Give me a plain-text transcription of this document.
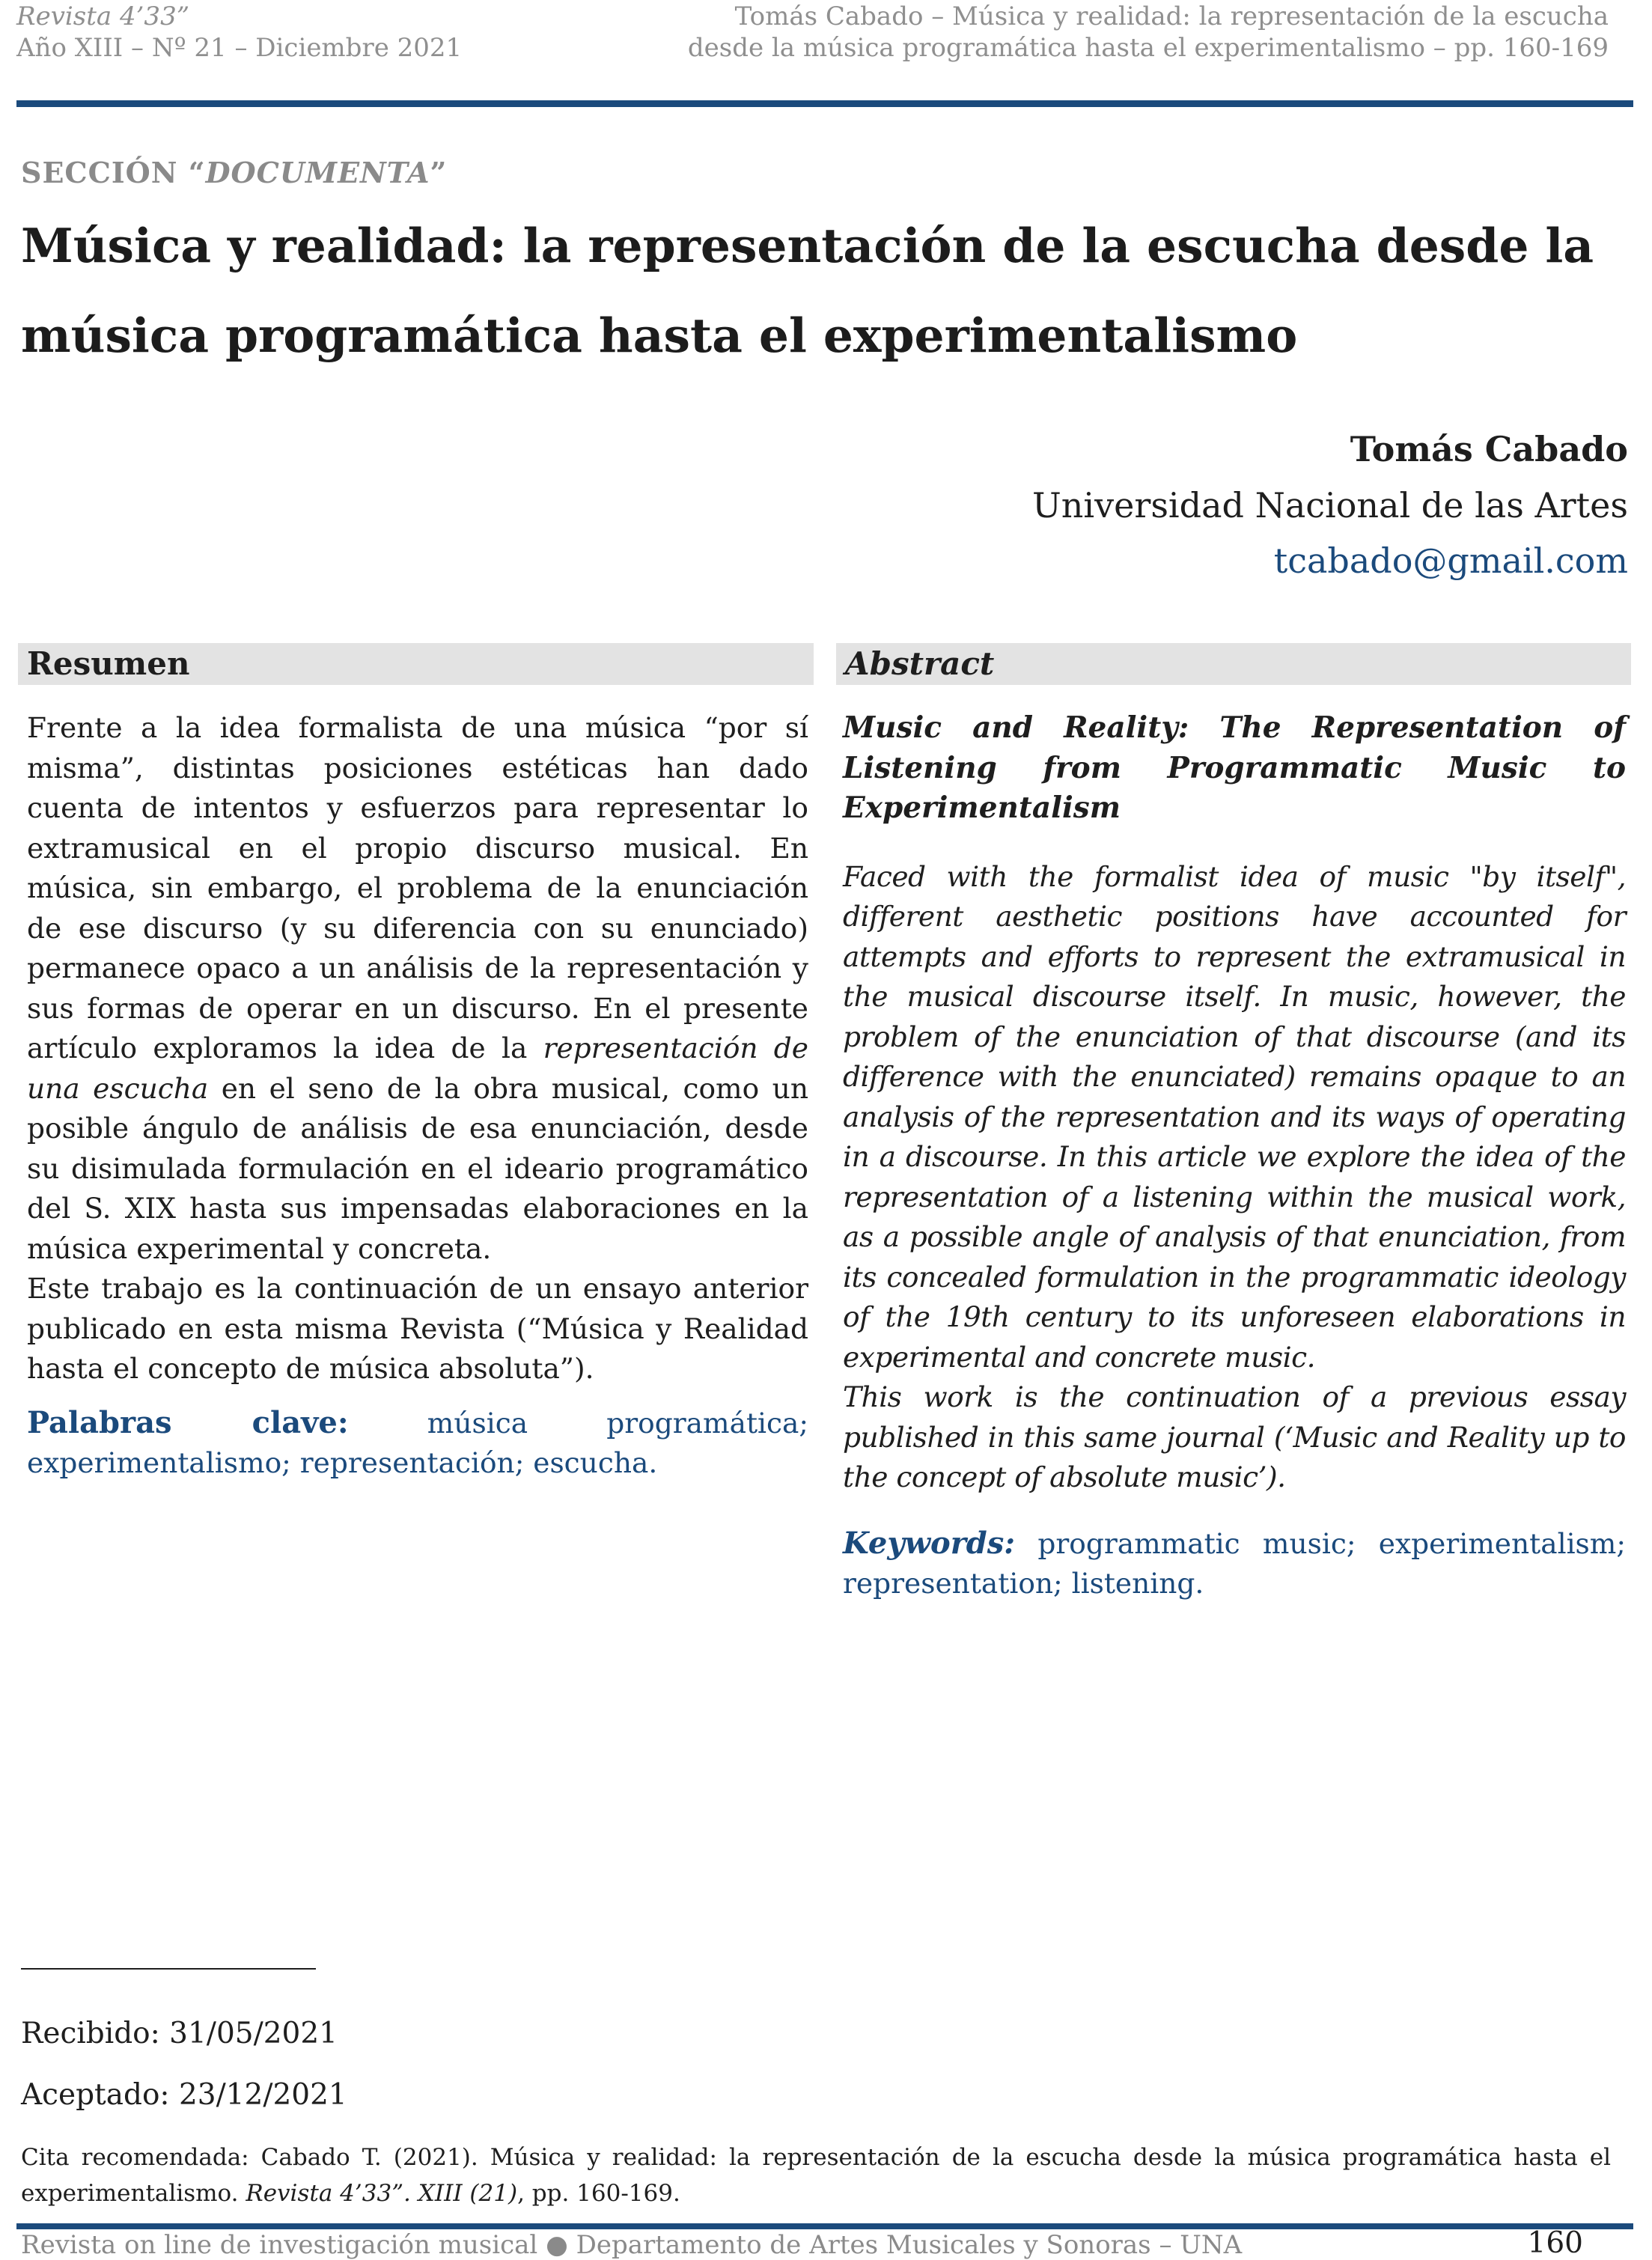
Revista 4’33”
Año XIII – Nº 21 – Diciembre 2021
Tomás Cabado – Música y realidad: la representación de la escucha
desde la música programática hasta el experimentalismo – pp. 160-169
SECCIÓN “DOCUMENTA”
Música y realidad: la representación de la escucha desde la
música programática hasta el experimentalismo
Tomás Cabado
Universidad Nacional de las Artes
tcabado@gmail.com
Resumen
Frente a la idea formalista de una música “por sí misma”, distintas posiciones estéticas han dado cuenta de intentos y esfuerzos para representar lo extramusical en el propio discurso musical. En música, sin embargo, el problema de la enunciación de ese discurso (y su diferencia con su enunciado) permanece opaco a un análisis de la representación y sus formas de operar en un discurso. En el presente artículo exploramos la idea de la representación de una escucha en el seno de la obra musical, como un posible ángulo de análisis de esa enunciación, desde su disimulada formulación en el ideario programático del S. XIX hasta sus impensadas elaboraciones en la música experimental y concreta.
Este trabajo es la continuación de un ensayo anterior publicado en esta misma Revista (“Música y Realidad hasta el concepto de música absoluta”).
Palabras clave:	música programática; experimentalismo; representación; escucha.
Abstract
Music and Reality: The Representation of Listening from Programmatic Music to Experimentalism
Faced with the formalist idea of music "by itself", different aesthetic positions have accounted for attempts and efforts to represent the extramusical in the musical discourse itself. In music, however, the problem of the enunciation of that discourse (and its difference with the enunciated) remains opaque to an analysis of the representation and its ways of operating in a discourse. In this article we explore the idea of the representation of a listening within the musical work, as a possible angle of analysis of that enunciation, from its concealed formulation in the programmatic ideology of the 19th century to its unforeseen elaborations in experimental and concrete music.
This work is the continuation of a previous essay published in this same journal (‘Music and Reality up to the concept of absolute music’).
Keywords: programmatic music; experimentalism; representation; listening.
Recibido: 31/05/2021
Aceptado: 23/12/2021
Cita recomendada: Cabado T. (2021). Música y realidad: la representación de la escucha desde la música programática hasta el experimentalismo. Revista 4’33”. XIII (21), pp. 160-169.
Revista on line de investigación musical ● Departamento de Artes Musicales y Sonoras – UNA	160
